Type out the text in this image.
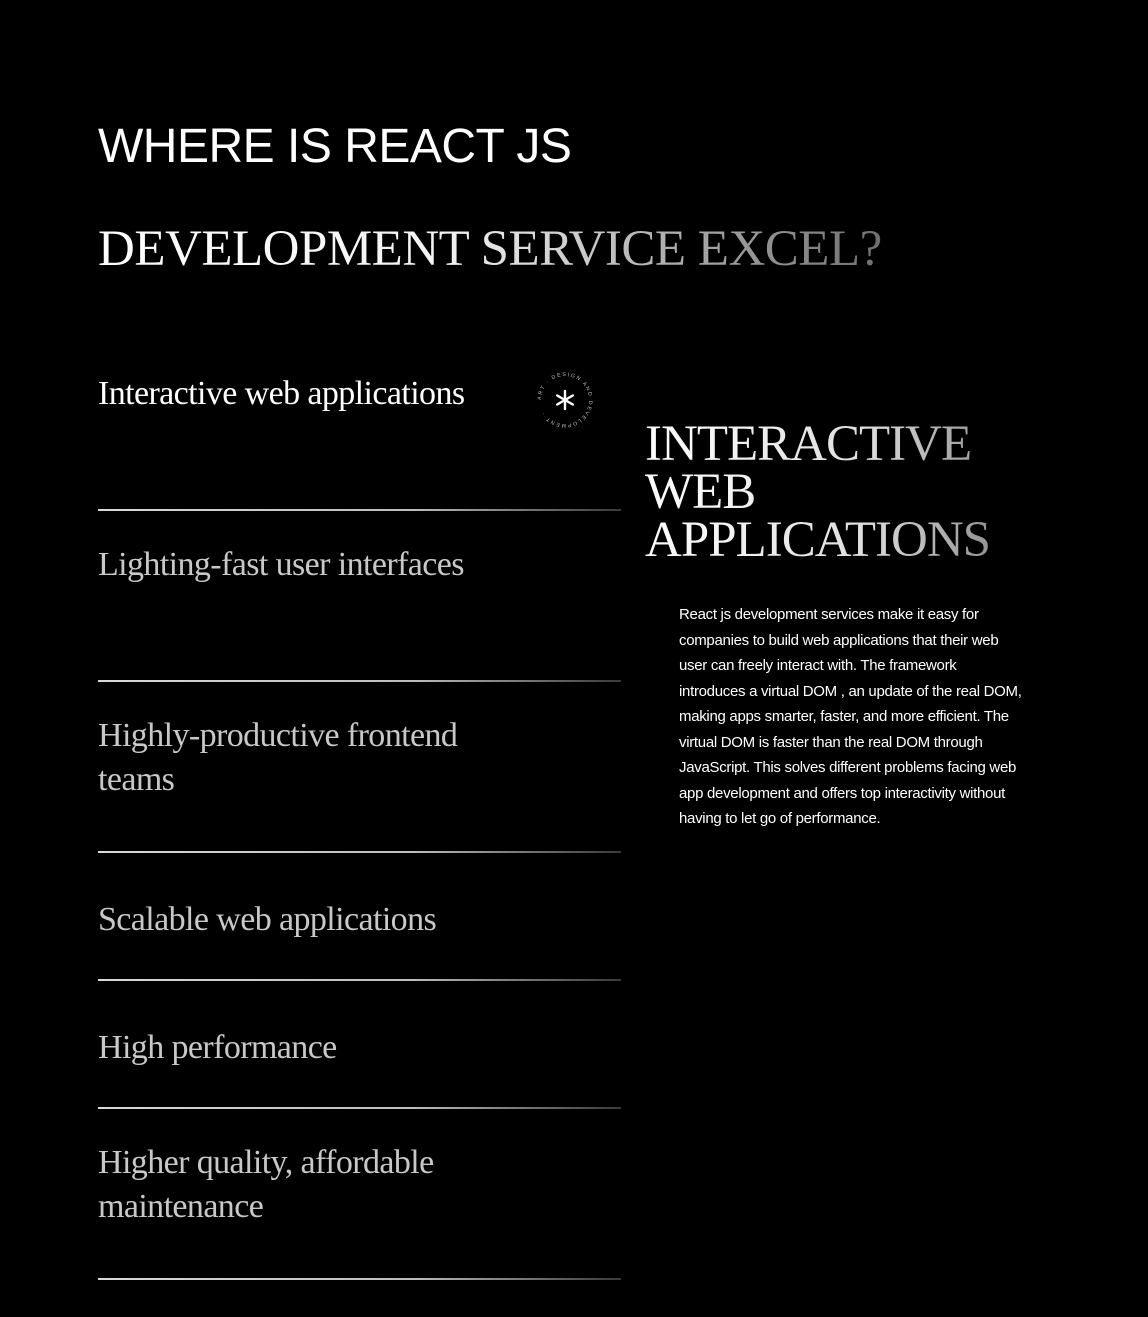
WHERE IS REACT JS
DEVELOPMENT SERVICE EXCEL?
Interactive web applications
Lighting-fast user interfaces
Highly-productive frontend teams
Scalable web applications
High performance
Higher quality, affordable maintenance
ART · DESIGN AND DEVELOPMENT ·
INTERACTIVE WEB APPLICATIONS

React js development services make it easy for companies to build web applications that their web user can freely interact with. The framework introduces a virtual DOM , an update of the real DOM, making apps smarter, faster, and more efficient. The virtual DOM is faster than the real DOM through JavaScript. This solves different problems facing web app development and offers top interactivity without having to let go of performance.
